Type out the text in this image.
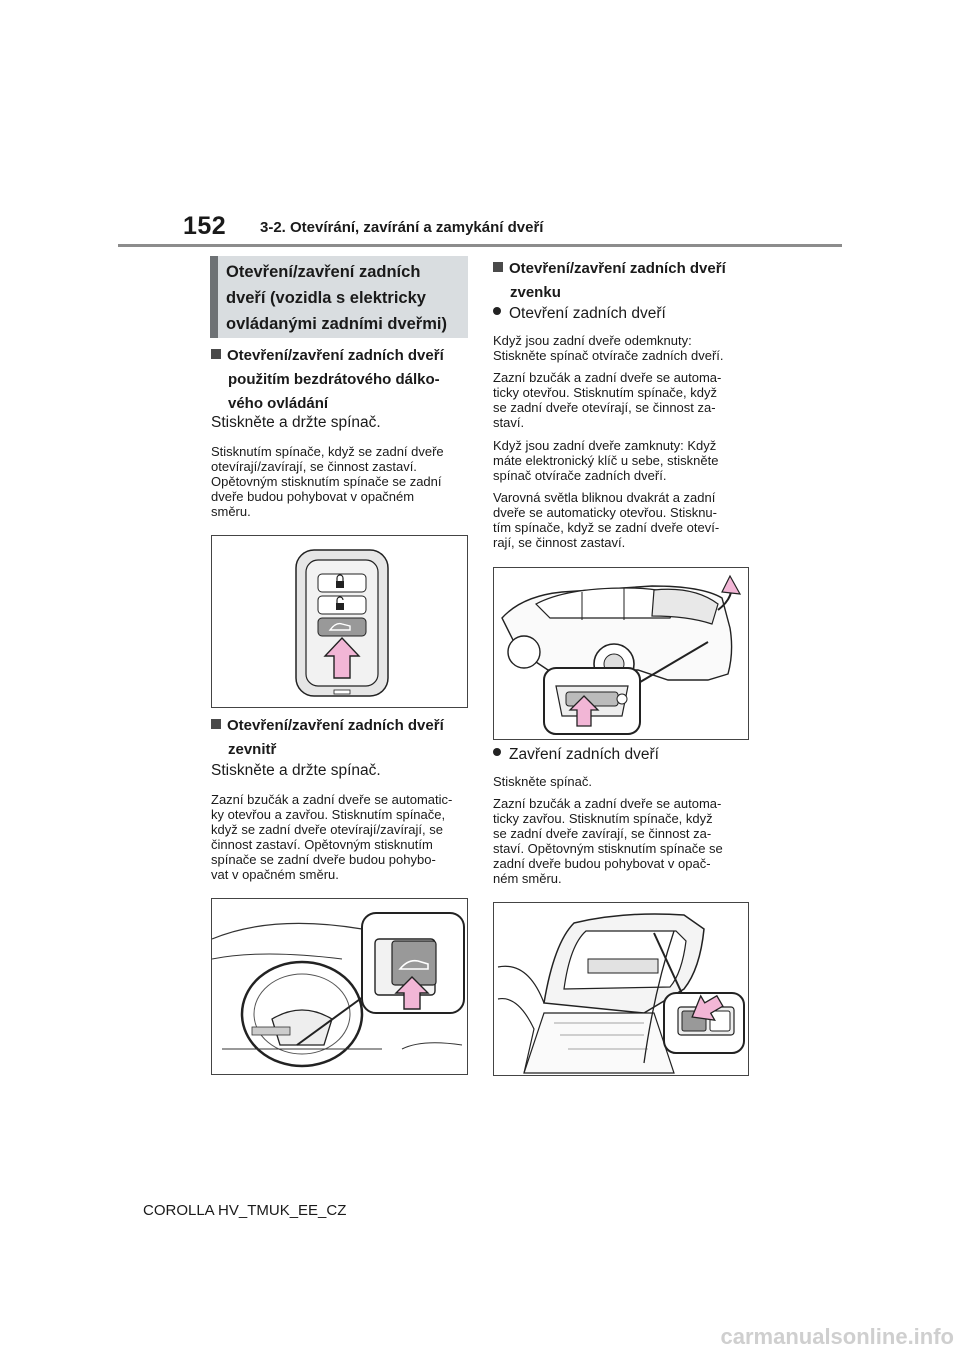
152 3-2. Otevírání, zavírání a zamykání dveří
Otevření/zavření zadních
dveří (vozidla s elektricky
ovládanými zadními dveřmi)
Otevření/zavření zadních dveří
použitím bezdrátového dálko-
vého ovládání
Stiskněte a držte spínač.
Stisknutím spínače, když se zadní dveře
otevírají/zavírají, se činnost zastaví.
Opětovným stisknutím spínače se zadní
dveře budou pohybovat v opačném
směru.
Otevření/zavření zadních dveří
zevnitř
Stiskněte a držte spínač.
Zazní bzučák a zadní dveře se automatic-
ky otevřou a zavřou. Stisknutím spínače,
když se zadní dveře otevírají/zavírají, se
činnost zastaví. Opětovným stisknutím
spínače se zadní dveře budou pohybo-
vat v opačném směru.
Otevření/zavření zadních dveří
zvenku
Otevření zadních dveří
Když jsou zadní dveře odemknuty:
Stiskněte spínač otvírače zadních dveří.
Zazní bzučák a zadní dveře se automa-
ticky otevřou. Stisknutím spínače, když
se zadní dveře otevírají, se činnost za-
staví.
Když jsou zadní dveře zamknuty: Když
máte elektronický klíč u sebe, stiskněte
spínač otvírače zadních dveří.
Varovná světla bliknou dvakrát a zadní
dveře se automaticky otevřou. Stisknu-
tím spínače, když se zadní dveře oteví-
rají, se činnost zastaví.
Zavření zadních dveří
Stiskněte spínač.
Zazní bzučák a zadní dveře se automa-
ticky zavřou. Stisknutím spínače, když
se zadní dveře zavírají, se činnost za-
staví. Opětovným stisknutím spínače se
zadní dveře budou pohybovat v opač-
ném směru.
COROLLA HV_TMUK_EE_CZ
carmanualsonline.info
